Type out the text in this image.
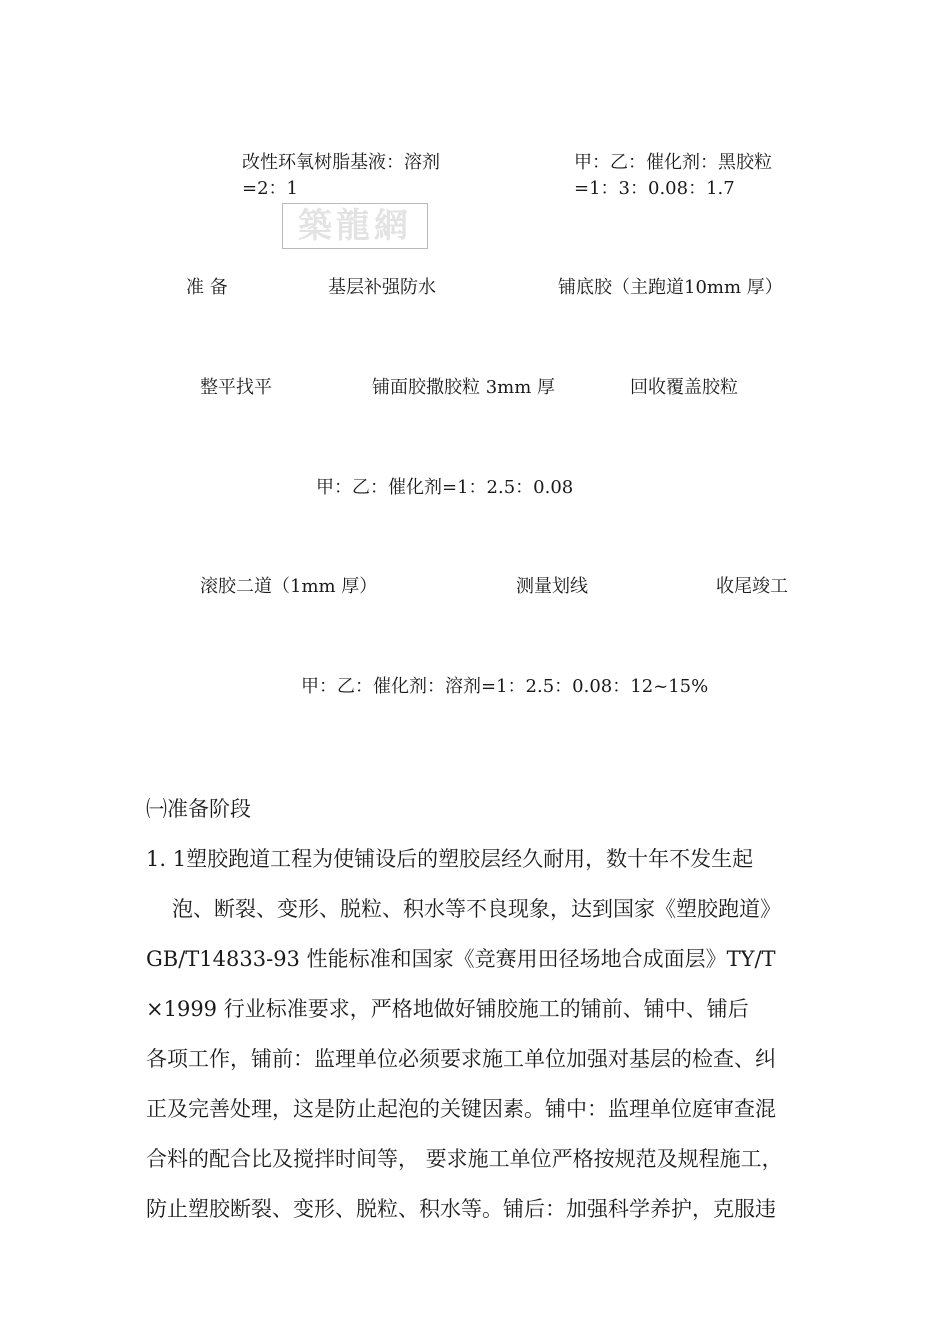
改性环氧树脂基液：溶剂
=2：1
甲：乙：催化剂：黑胶粒
=1：3：0.08：1.7
築龍網
准 备	基层补强防水	铺底胶（主跑道10mm 厚）
整平找平	铺面胶撒胶粒 3mm 厚	回收覆盖胶粒
甲：乙：催化剂=1：2.5：0.08
滚胶二道（1mm 厚）	测量划线	收尾竣工
甲：乙：催化剂：溶剂=1：2.5：0.08：12~15%
㈠准备阶段
1. 1塑胶跑道工程为使铺设后的塑胶层经久耐用，数十年不发生起
泡、断裂、变形、脱粒、积水等不良现象，达到国家《塑胶跑道》
GB/T14833-93 性能标准和国家《竞赛用田径场地合成面层》TY/T
×1999 行业标准要求，严格地做好铺胶施工的铺前、铺中、铺后
各项工作，铺前：监理单位必须要求施工单位加强对基层的检查、纠
正及完善处理，这是防止起泡的关键因素。铺中：监理单位庭审查混
合料的配合比及搅拌时间等， 要求施工单位严格按规范及规程施工，
防止塑胶断裂、变形、脱粒、积水等。铺后：加强科学养护，克服违
